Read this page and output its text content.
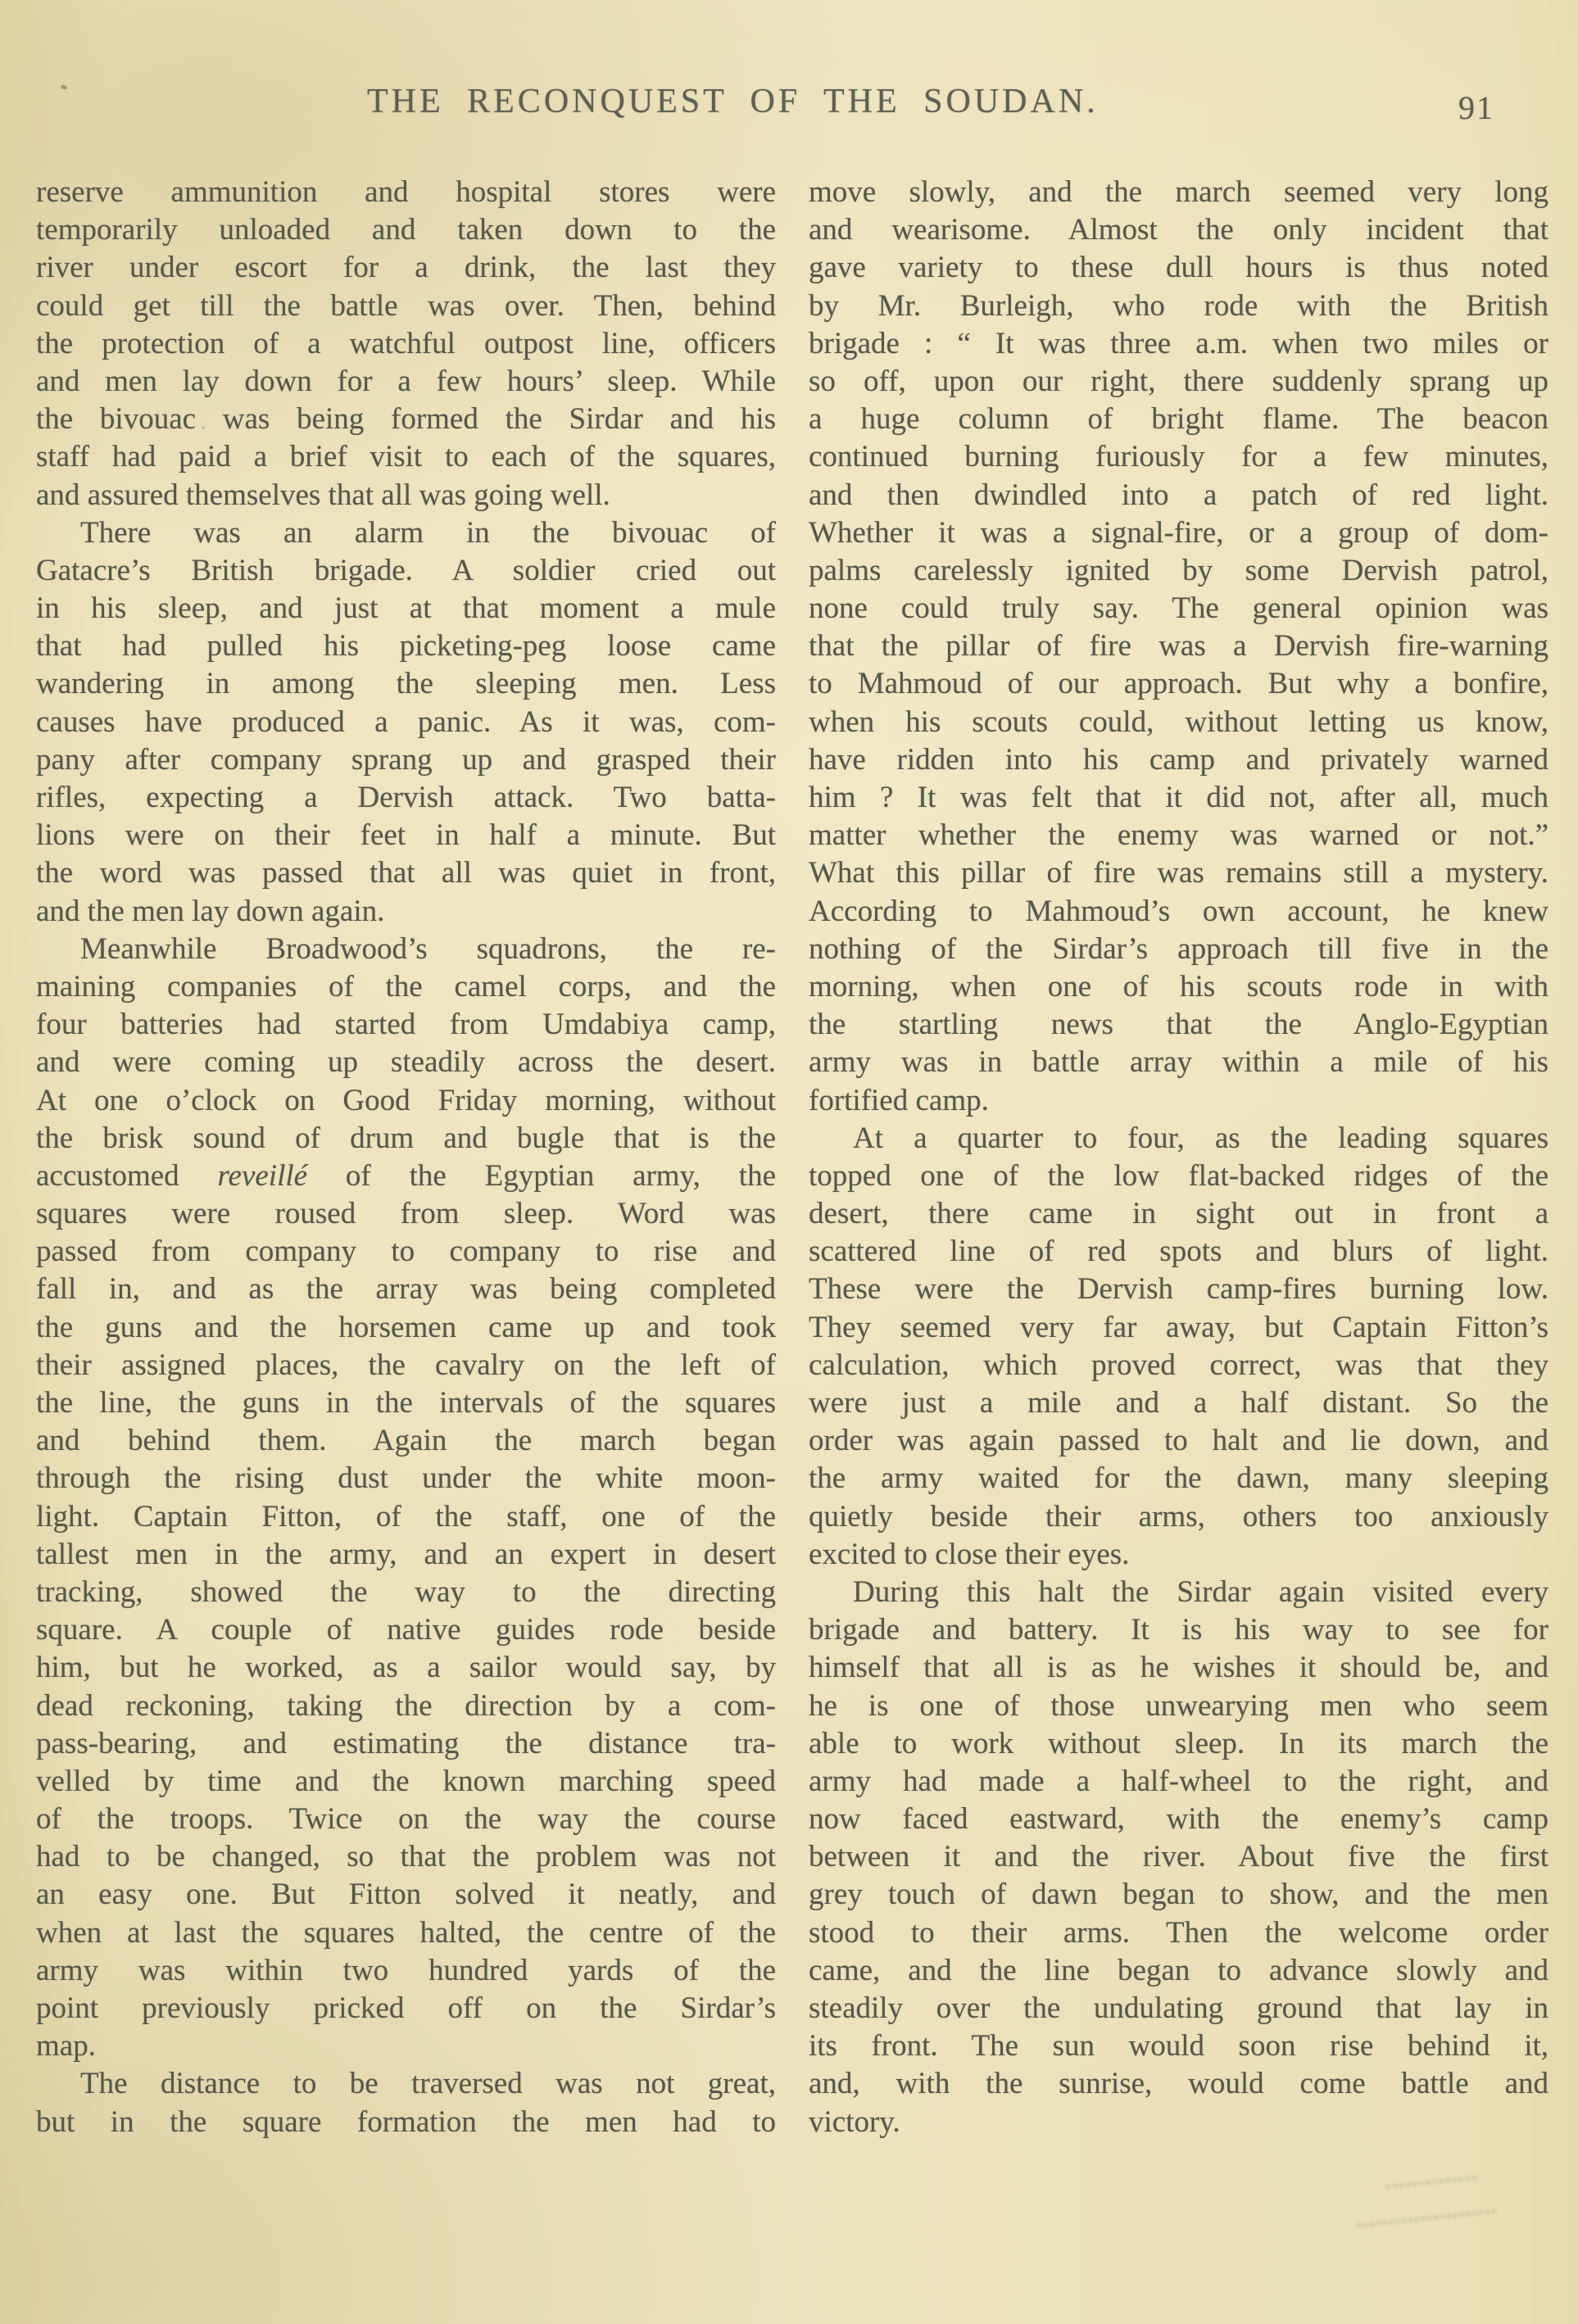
THE RECONQUEST OF THE SOUDAN.	91
reserve ammunition and hospital stores were
temporarily unloaded and taken down to the
river under escort for a drink, the last they
could get till the battle was over. Then, behind
the protection of a watchful outpost line, officers
and men lay down for a few hours’ sleep. While
the bivouac was being formed the Sirdar and his
staff had paid a brief visit to each of the squares,
and assured themselves that all was going well.
There was an alarm in the bivouac of
Gatacre’s British brigade. A soldier cried out
in his sleep, and just at that moment a mule
that had pulled his picketing-peg loose came
wandering in among the sleeping men. Less
causes have produced a panic. As it was, com-
pany after company sprang up and grasped their
rifles, expecting a Dervish attack. Two batta-
lions were on their feet in half a minute. But
the word was passed that all was quiet in front,
and the men lay down again.
Meanwhile Broadwood’s squadrons, the re-
maining companies of the camel corps, and the
four batteries had started from Umdabiya camp,
and were coming up steadily across the desert.
At one o’clock on Good Friday morning, without
the brisk sound of drum and bugle that is the
accustomed reveillé of the Egyptian army, the
squares were roused from sleep. Word was
passed from company to company to rise and
fall in, and as the array was being completed
the guns and the horsemen came up and took
their assigned places, the cavalry on the left of
the line, the guns in the intervals of the squares
and behind them. Again the march began
through the rising dust under the white moon-
light. Captain Fitton, of the staff, one of the
tallest men in the army, and an expert in desert
tracking, showed the way to the directing
square. A couple of native guides rode beside
him, but he worked, as a sailor would say, by
dead reckoning, taking the direction by a com-
pass-bearing, and estimating the distance tra-
velled by time and the known marching speed
of the troops. Twice on the way the course
had to be changed, so that the problem was not
an easy one. But Fitton solved it neatly, and
when at last the squares halted, the centre of the
army was within two hundred yards of the
point previously pricked off on the Sirdar’s
map.
The distance to be traversed was not great,
but in the square formation the men had to
move slowly, and the march seemed very long
and wearisome. Almost the only incident that
gave variety to these dull hours is thus noted
by Mr. Burleigh, who rode with the British
brigade : “ It was three a.m. when two miles or
so off, upon our right, there suddenly sprang up
a huge column of bright flame. The beacon
continued burning furiously for a few minutes,
and then dwindled into a patch of red light.
Whether it was a signal-fire, or a group of dom-
palms carelessly ignited by some Dervish patrol,
none could truly say. The general opinion was
that the pillar of fire was a Dervish fire-warning
to Mahmoud of our approach. But why a bonfire,
when his scouts could, without letting us know,
have ridden into his camp and privately warned
him ? It was felt that it did not, after all, much
matter whether the enemy was warned or not.”
What this pillar of fire was remains still a mystery.
According to Mahmoud’s own account, he knew
nothing of the Sirdar’s approach till five in the
morning, when one of his scouts rode in with
the startling news that the Anglo-Egyptian
army was in battle array within a mile of his
fortified camp.
At a quarter to four, as the leading squares
topped one of the low flat-backed ridges of the
desert, there came in sight out in front a
scattered line of red spots and blurs of light.
These were the Dervish camp-fires burning low.
They seemed very far away, but Captain Fitton’s
calculation, which proved correct, was that they
were just a mile and a half distant. So the
order was again passed to halt and lie down, and
the army waited for the dawn, many sleeping
quietly beside their arms, others too anxiously
excited to close their eyes.
During this halt the Sirdar again visited every
brigade and battery. It is his way to see for
himself that all is as he wishes it should be, and
he is one of those unwearying men who seem
able to work without sleep. In its march the
army had made a half-wheel to the right, and
now faced eastward, with the enemy’s camp
between it and the river. About five the first
grey touch of dawn began to show, and the men
stood to their arms. Then the welcome order
came, and the line began to advance slowly and
steadily over the undulating ground that lay in
its front. The sun would soon rise behind it,
and, with the sunrise, would come battle and
victory.
